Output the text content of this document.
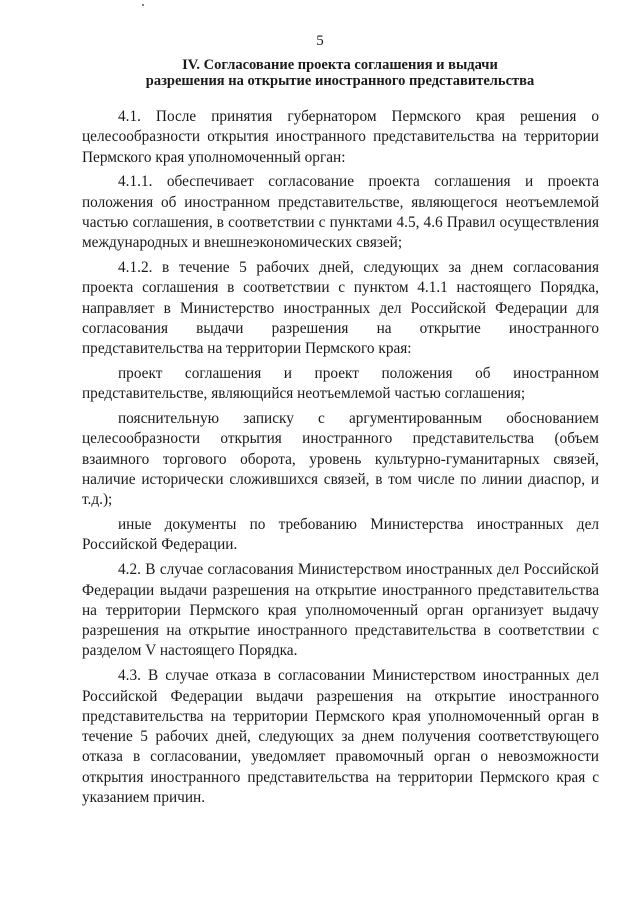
5
IV. Согласование проекта соглашения и выдачи
разрешения на открытие иностранного представительства

4.1. После принятия губернатором Пермского края решения о целесообразности открытия иностранного представительства на территории Пермского края уполномоченный орган:

4.1.1. обеспечивает согласование проекта соглашения и проекта положения об иностранном представительстве, являющегося неотъемлемой частью соглашения, в соответствии с пунктами 4.5, 4.6 Правил осуществления международных и внешнеэкономических связей;

4.1.2. в течение 5 рабочих дней, следующих за днем согласования проекта соглашения в соответствии с пунктом 4.1.1 настоящего Порядка, направляет в Министерство иностранных дел Российской Федерации для согласования выдачи разрешения на открытие иностранного представительства на территории Пермского края:

проект соглашения и проект положения об иностранном представительстве, являющийся неотъемлемой частью соглашения;

пояснительную записку с аргументированным обоснованием целесообразности открытия иностранного представительства (объем взаимного торгового оборота, уровень культурно-гуманитарных связей, наличие исторически сложившихся связей, в том числе по линии диаспор, и т.д.);

иные документы по требованию Министерства иностранных дел Российской Федерации.

4.2. В случае согласования Министерством иностранных дел Российской Федерации выдачи разрешения на открытие иностранного представительства на территории Пермского края уполномоченный орган организует выдачу разрешения на открытие иностранного представительства в соответствии с разделом V настоящего Порядка.

4.3. В случае отказа в согласовании Министерством иностранных дел Российской Федерации выдачи разрешения на открытие иностранного представительства на территории Пермского края уполномоченный орган в течение 5 рабочих дней, следующих за днем получения соответствующего отказа в согласовании, уведомляет правомочный орган о невозможности открытия иностранного представительства на территории Пермского края с указанием причин.
